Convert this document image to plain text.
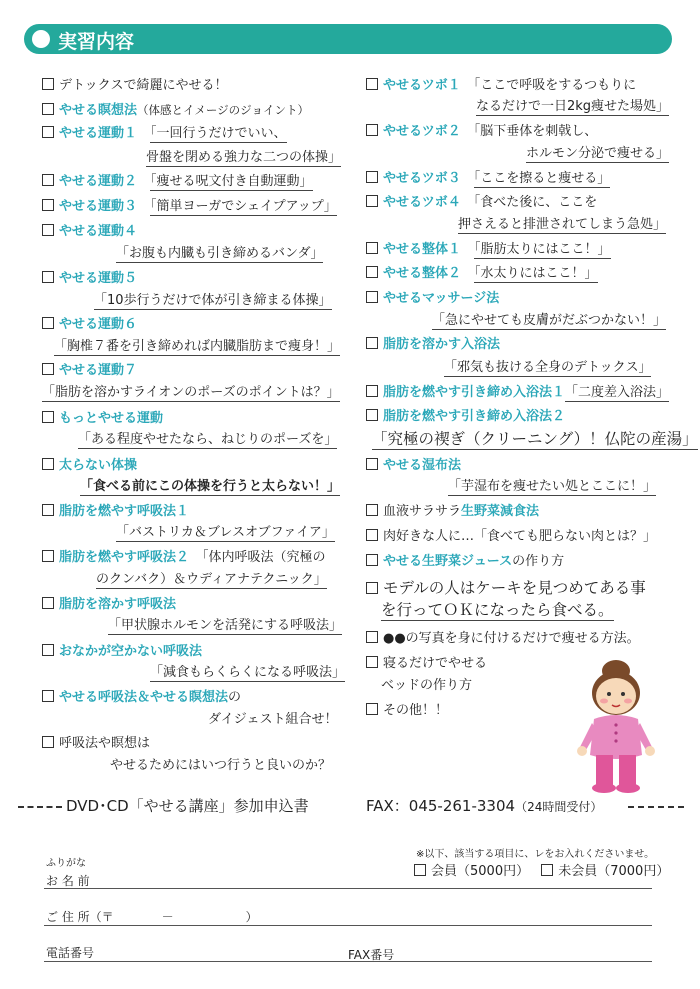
実習内容
デトックスで綺麗にやせる！
やせる瞑想法（体感とイメージのジョイント）
やせる運動１　 「一回行うだけでいい、
骨盤を閉める強力な二つの体操」
やせる運動２　 「痩せる呪文付き自動運動」
やせる運動３　 「簡単ヨーガでシェイプアップ」
やせる運動４
「お腹も内臓も引き締めるバンダ」
やせる運動５
「10歩行うだけで体が引き締まる体操」
やせる運動６
「胸椎７番を引き締めれば内臓脂肪まで痩身！」
やせる運動７
「脂肪を溶かすライオンのポーズのポイントは？」
もっとやせる運動
「ある程度やせたなら、ねじりのポーズを」
太らない体操
「食べる前にこの体操を行うと太らない！」
脂肪を燃やす呼吸法１
「バストリカ＆ブレスオブファイア」
脂肪を燃やす呼吸法２　 「体内呼吸法（究極の
のクンバク）＆ウディアナテクニック」
脂肪を溶かす呼吸法
「甲状腺ホルモンを活発にする呼吸法」
おなかが空かない呼吸法
「減食もらくらくになる呼吸法」
やせる呼吸法＆やせる瞑想法の
ダイジェスト組合せ！
呼吸法や瞑想は
やせるためにはいつ行うと良いのか？
やせるツボ１　 「ここで呼吸をするつもりに
なるだけで一日2kg痩せた場処」
やせるツボ２　 「脳下垂体を刺戟し、
ホルモン分泌で痩せる」
やせるツボ３　 「ここを擦ると痩せる」
やせるツボ４　 「食べた後に、ここを
押さえると排泄されてしまう急処」
やせる整体１　 「脂肪太りにはここ！」
やせる整体２　 「水太りにはここ！」
やせるマッサージ法
「急にやせても皮膚がだぶつかない！」
脂肪を溶かす入浴法
「邪気も抜ける全身のデトックス」
脂肪を燃やす引き締め入浴法１「二度差入浴法」
脂肪を燃やす引き締め入浴法２
「究極の禊ぎ（クリーニング）！仏陀の産湯」
やせる湿布法
「芋湿布を痩せたい処とここに！」
血液サラサラ生野菜減食法
肉好きな人に…「食べても肥らない肉とは？」
やせる生野菜ジュースの作り方
モデルの人はケーキを見つめてある事
を行ってＯＫになったら食べる。
●●の写真を身に付けるだけで痩せる方法。
寝るだけでやせる
ベッドの作り方
その他！！
DVD･CD「やせる講座」参加申込書	FAX：045-261-3304（24時間受付）
※以下、該当する項目に、レをお入れくださいませ。
会員（5000円） 未会員（7000円）
ふりがな
お 名 前
ご 住 所（〒　　　　－　　　　　　）
電話番号	FAX番号
